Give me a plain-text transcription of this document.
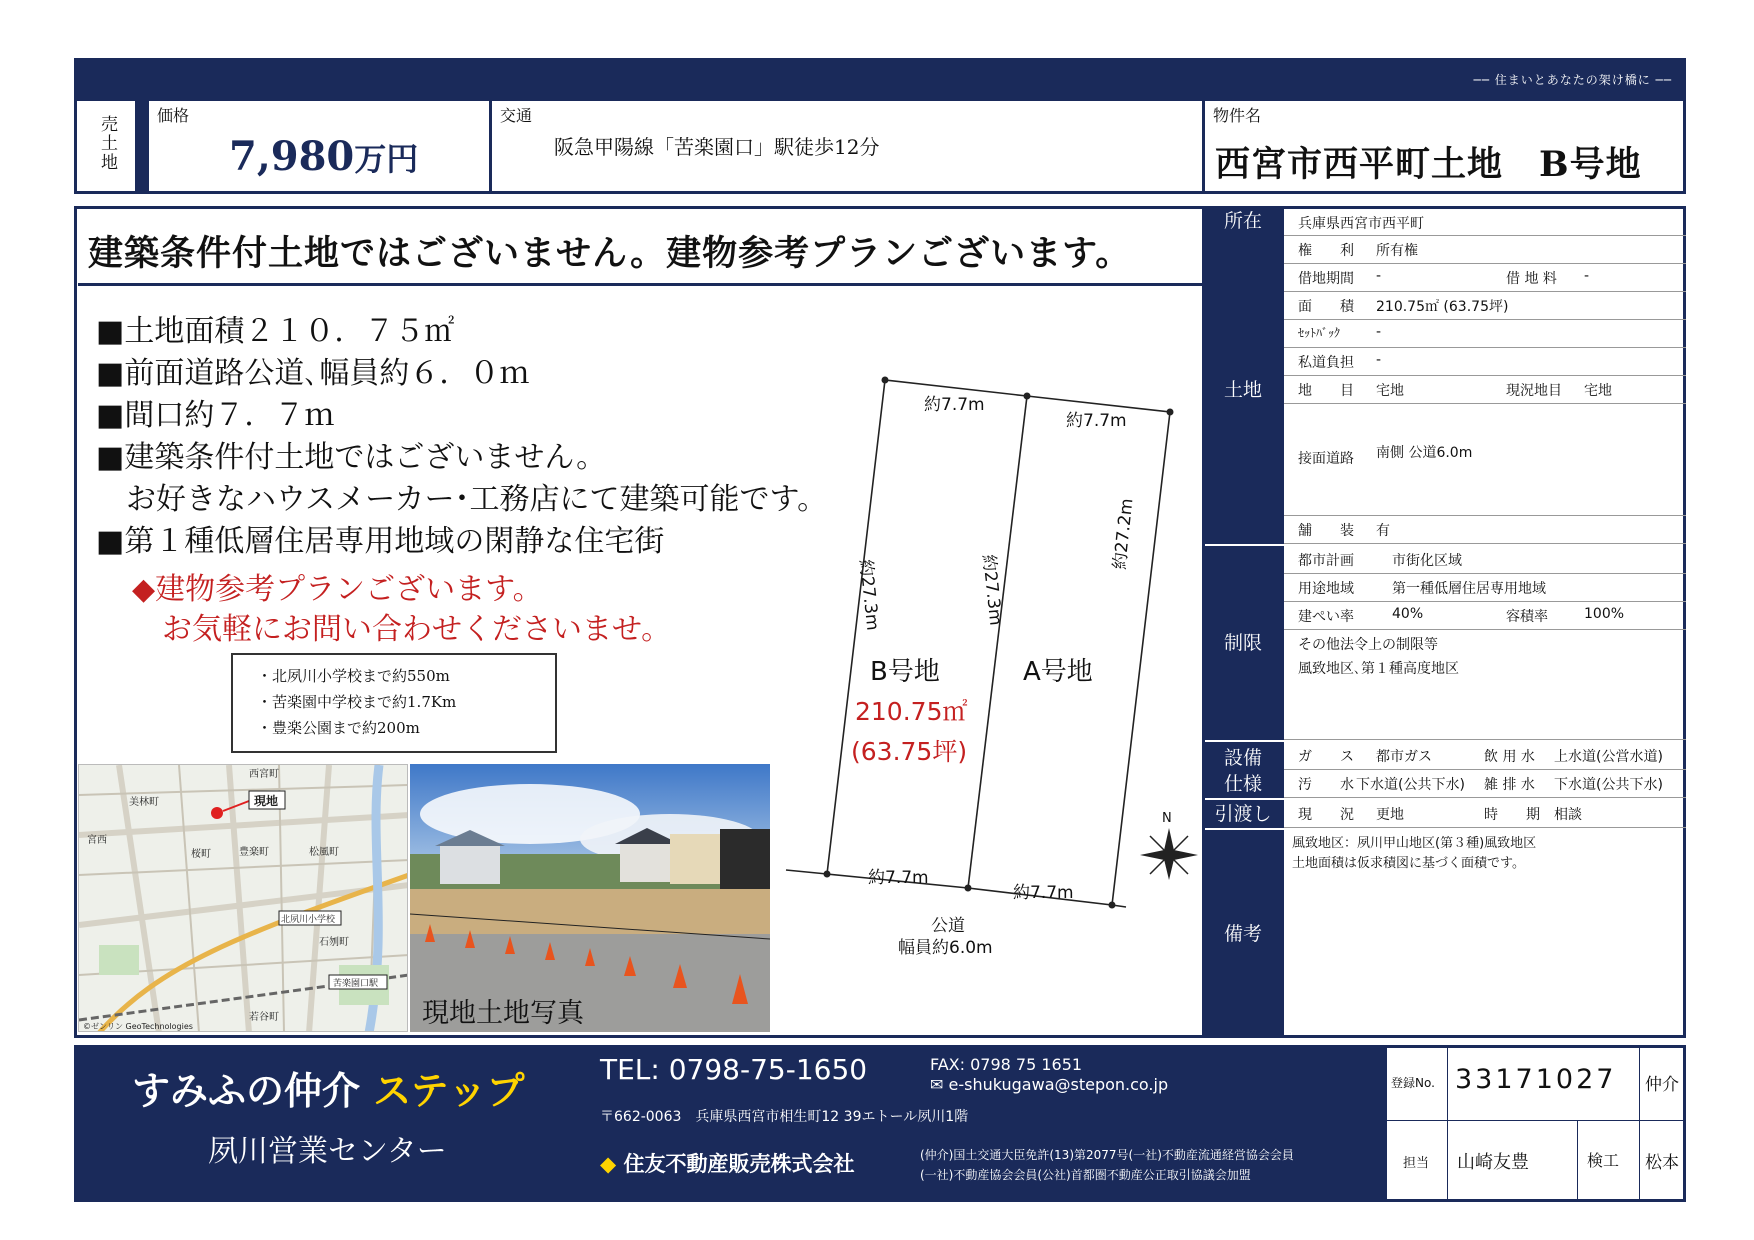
── 住まいとあなたの架け橋に ──
売土地	価格
7,980万円
交通
阪急甲陽線「苦楽園口」駅徒歩12分
物件名
西宮市西平町土地　B号地
建築条件付土地ではございません。建物参考プランございます。
■土地面積２１０．７５㎡
■前面道路公道､幅員約６．０ｍ
■間口約７．７ｍ
■建築条件付土地ではございません。
　お好きなハウスメーカー･工務店にて建築可能です。
■第１種低層住居専用地域の閑静な住宅街
◆建物参考プランございます。
　お気軽にお問い合わせくださいませ。
・北夙川小学校まで約550m
・苦楽園中学校まで約1.7Km
・豊楽公園まで約200m
約7.7m
約7.7m
約27.3m	約27.3m
約27.2m
約7.7m
約7.7m
公道
幅員約6.0m
B号地	A号地
210.75㎡
(63.75坪)
N
現地
西宮町
美林町
宮西
桜町	豊楽町	松風町
北夙川小学校
石刎町
苦楽園口駅
若谷町
©ゼンリン GeoTechnologies	現地土地写真
所在	兵庫県西宮市西平町
土地
権　　利 所有権
借地期間 -	借 地 料 -
面　　積 210.75㎡ (63.75坪)
ｾｯﾄﾊﾞｯｸ	-
私道負担 -
地　　目 宅地	現況地目 宅地
接面道路 南側 公道6.0m
舗　　装 有
制限
都市計画	市街化区域
用途地域	第一種低層住居専用地域
建ぺい率	40%	容積率	100%
その他法令上の制限等
風致地区､第１種高度地区
設備
仕様
ガ　　ス 都市ガス	飲 用 水 上水道(公営水道)
汚　　水 下水道(公共下水) 雑 排 水 下水道(公共下水)
引渡し	現　　況 更地	時　　期 相談
備考
風致地区：夙川甲山地区(第３種)風致地区
土地面積は仮求積図に基づく面積です。
すみふの仲介 ステップ
夙川営業センター
TEL: 0798-75-1650	FAX: 0798 75 1651
✉ e-shukugawa@stepon.co.jp
〒662-0063　兵庫県西宮市相生町12 39エトール夙川1階
◆ 住友不動産販売株式会社	(仲介)国土交通大臣免許(13)第2077号(一社)不動産流通経営協会会員
(一社)不動産協会会員(公社)首都圏不動産公正取引協議会加盟
登録No. 33171027 仲介
担当 山崎友豊	検工 松本
